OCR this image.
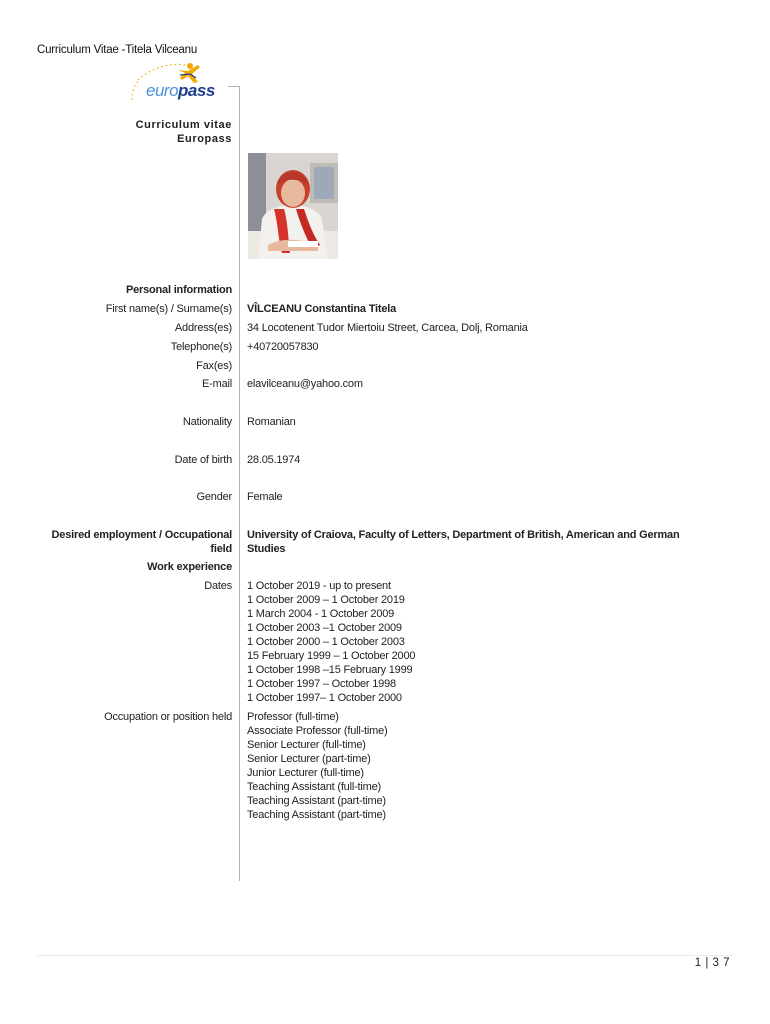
Curriculum Vitae -Titela Vilceanu
europass
Curriculum vitae
Europass
Personal information
First name(s) / Surname(s) VÎLCEANU Constantina Titela
Address(es) 34 Locotenent Tudor Miertoiu Street, Carcea, Dolj, Romania
Telephone(s) +40720057830
Fax(es)
E-mail elavilceanu@yahoo.com
Nationality Romanian
Date of birth 28.05.1974
Gender Female
Desired employment / Occupational field
University of Craiova, Faculty of Letters, Department of British, American and German Studies
Work experience
Dates 1 October 2019 - up to present
1 October 2009 – 1 October 2019
1 March 2004 - 1 October 2009
1 October 2003 –1 October 2009
1 October 2000 – 1 October 2003
15 February 1999 – 1 October 2000
1 October 1998 –15 February 1999
1 October 1997 – October 1998
1 October 1997– 1 October 2000
Occupation or position held Professor (full-time)
Associate Professor (full-time)
Senior Lecturer (full-time)
Senior Lecturer (part-time)
Junior Lecturer (full-time)
Teaching Assistant (full-time)
Teaching Assistant (part-time)
Teaching Assistant (part-time)
1 | 3 7
